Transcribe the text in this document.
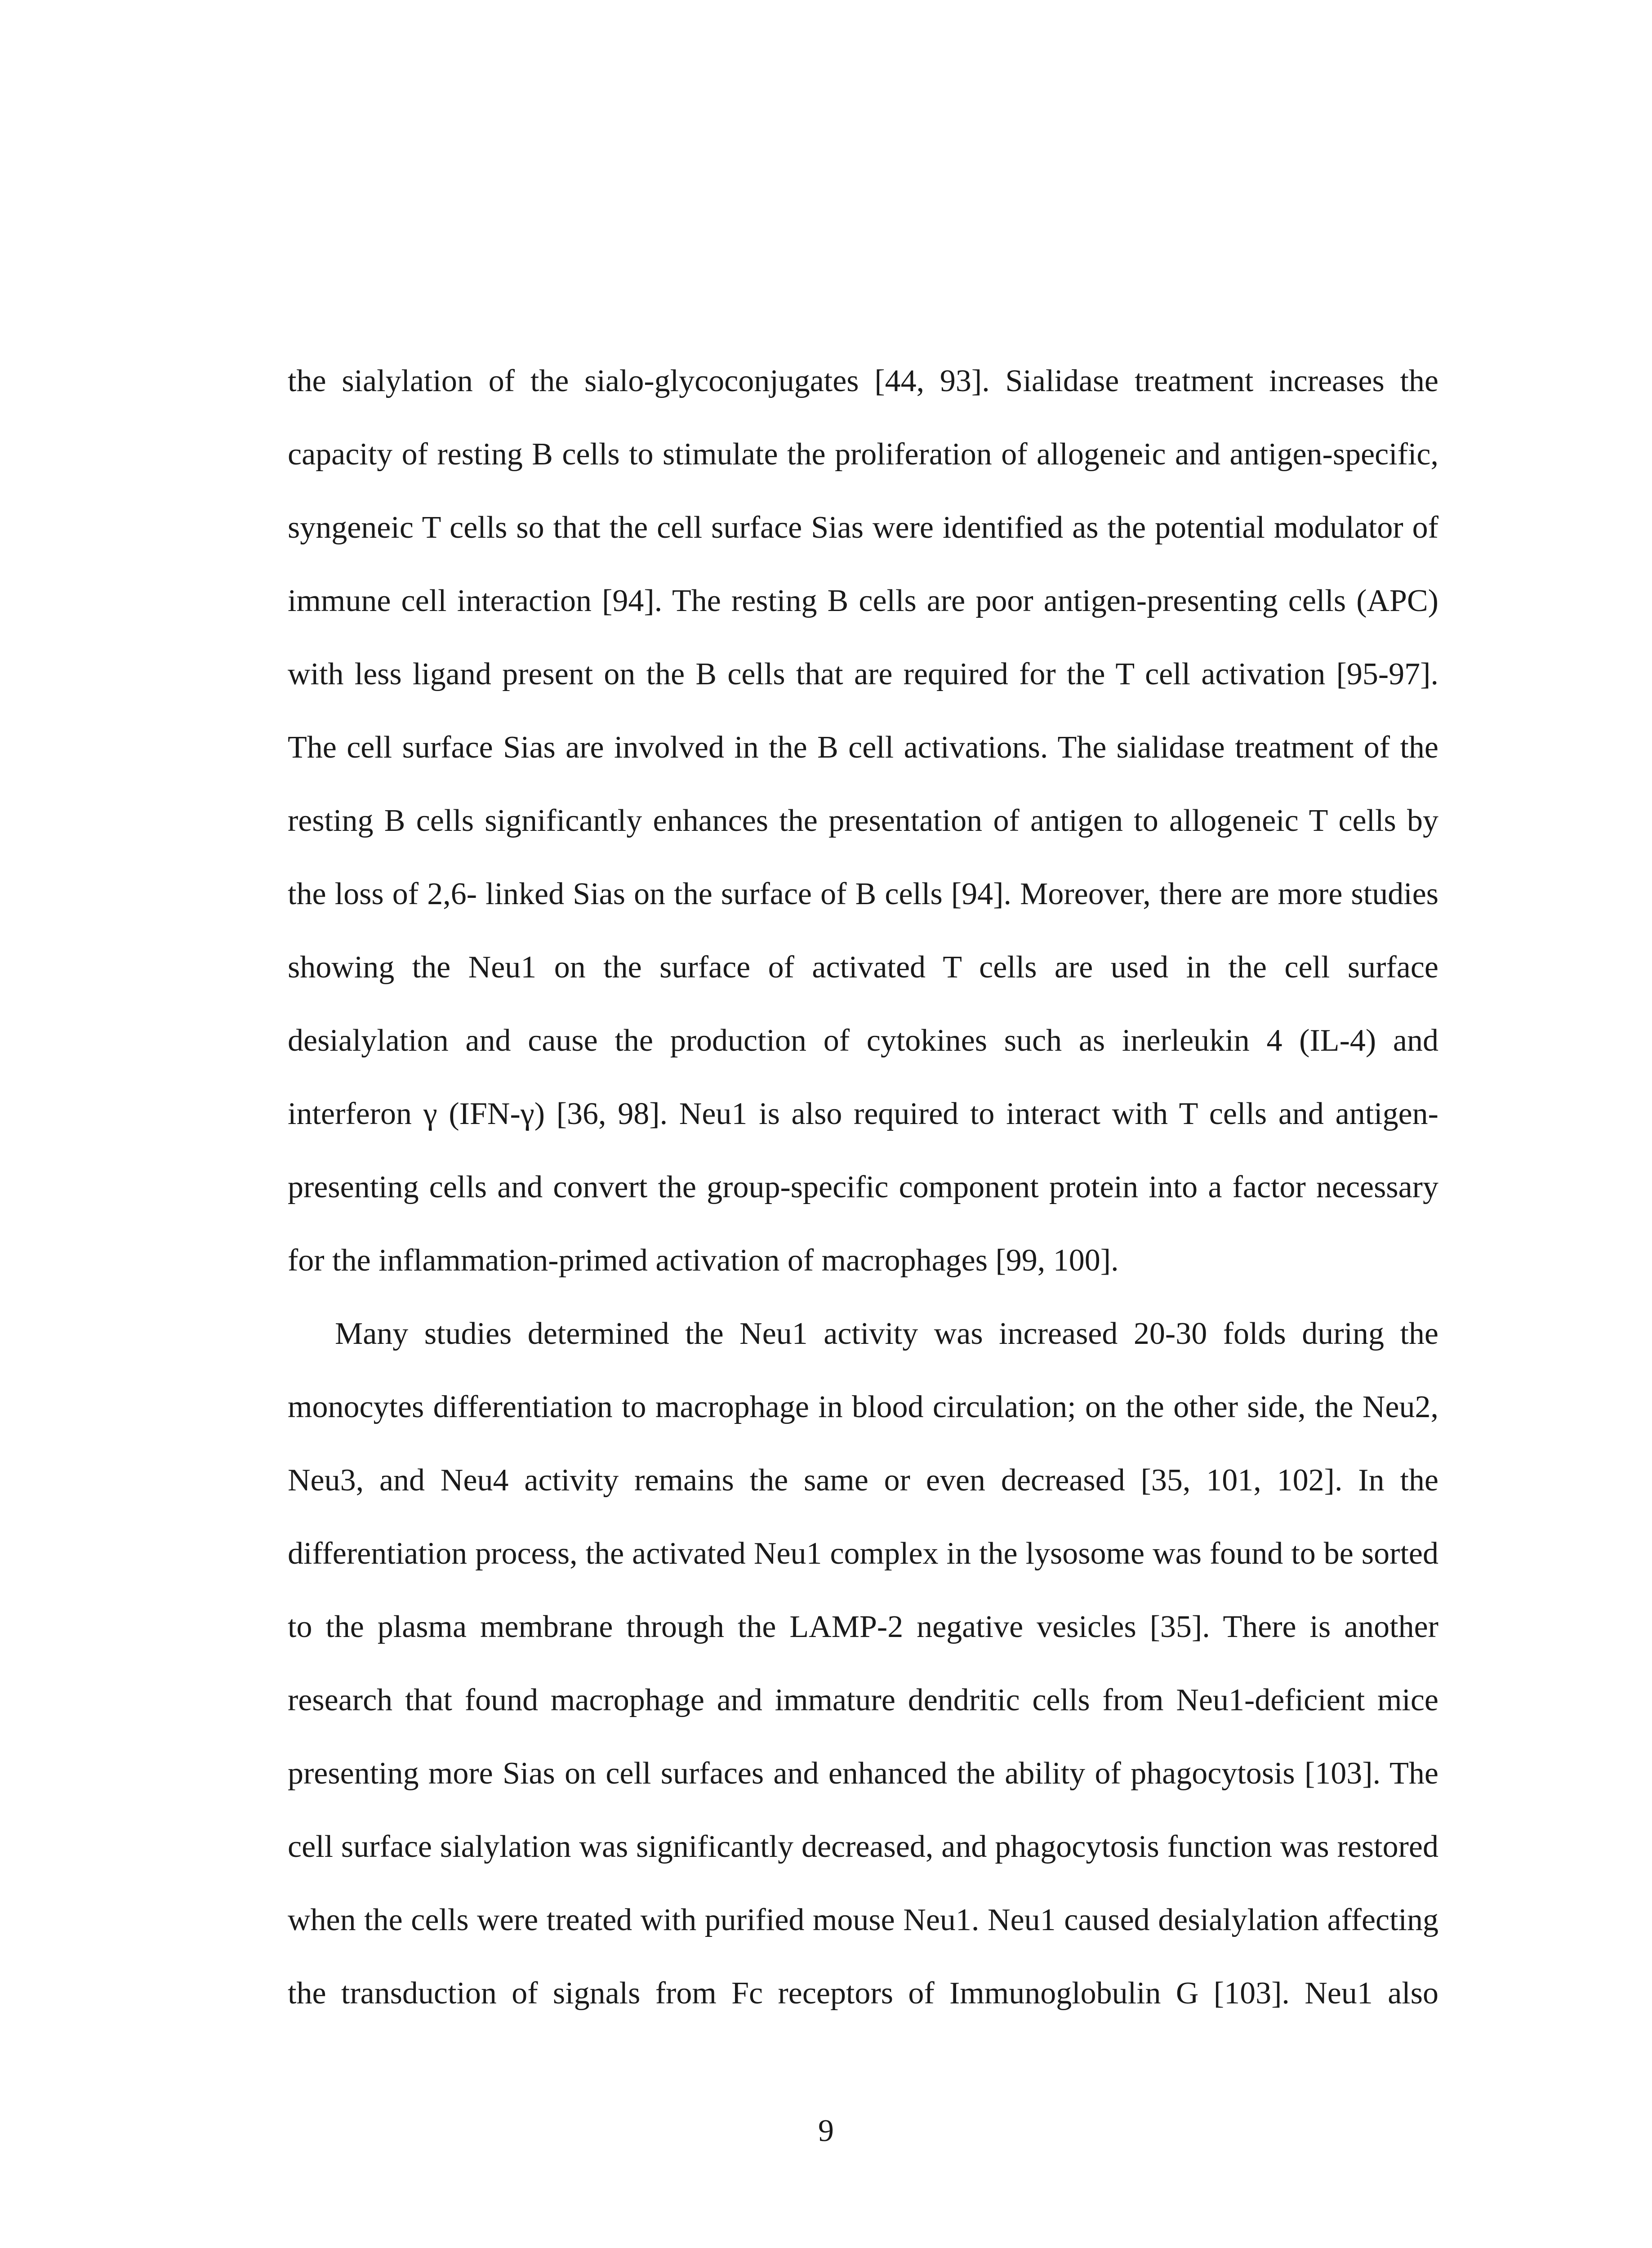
the sialylation of the sialo-glycoconjugates [44, 93]. Sialidase treatment increases the
capacity of resting B cells to stimulate the proliferation of allogeneic and antigen-specific,
syngeneic T cells so that the cell surface Sias were identified as the potential modulator of
immune cell interaction [94]. The resting B cells are poor antigen-presenting cells (APC)
with less ligand present on the B cells that are required for the T cell activation [95-97].
The cell surface Sias are involved in the B cell activations. The sialidase treatment of the
resting B cells significantly enhances the presentation of antigen to allogeneic T cells by
the loss of 2,6- linked Sias on the surface of B cells [94]. Moreover, there are more studies
showing the Neu1 on the surface of activated T cells are used in the cell surface
desialylation and cause the production of cytokines such as inerleukin 4 (IL-4) and
interferon γ (IFN-γ) [36, 98]. Neu1 is also required to interact with T cells and antigen-
presenting cells and convert the group-specific component protein into a factor necessary
for the inflammation-primed activation of macrophages [99, 100].
Many studies determined the Neu1 activity was increased 20-30 folds during the
monocytes differentiation to macrophage in blood circulation; on the other side, the Neu2,
Neu3, and Neu4 activity remains the same or even decreased [35, 101, 102]. In the
differentiation process, the activated Neu1 complex in the lysosome was found to be sorted
to the plasma membrane through the LAMP-2 negative vesicles [35]. There is another
research that found macrophage and immature dendritic cells from Neu1-deficient mice
presenting more Sias on cell surfaces and enhanced the ability of phagocytosis [103]. The
cell surface sialylation was significantly decreased, and phagocytosis function was restored
when the cells were treated with purified mouse Neu1. Neu1 caused desialylation affecting
the transduction of signals from Fc receptors of Immunoglobulin G [103]. Neu1 also
9
